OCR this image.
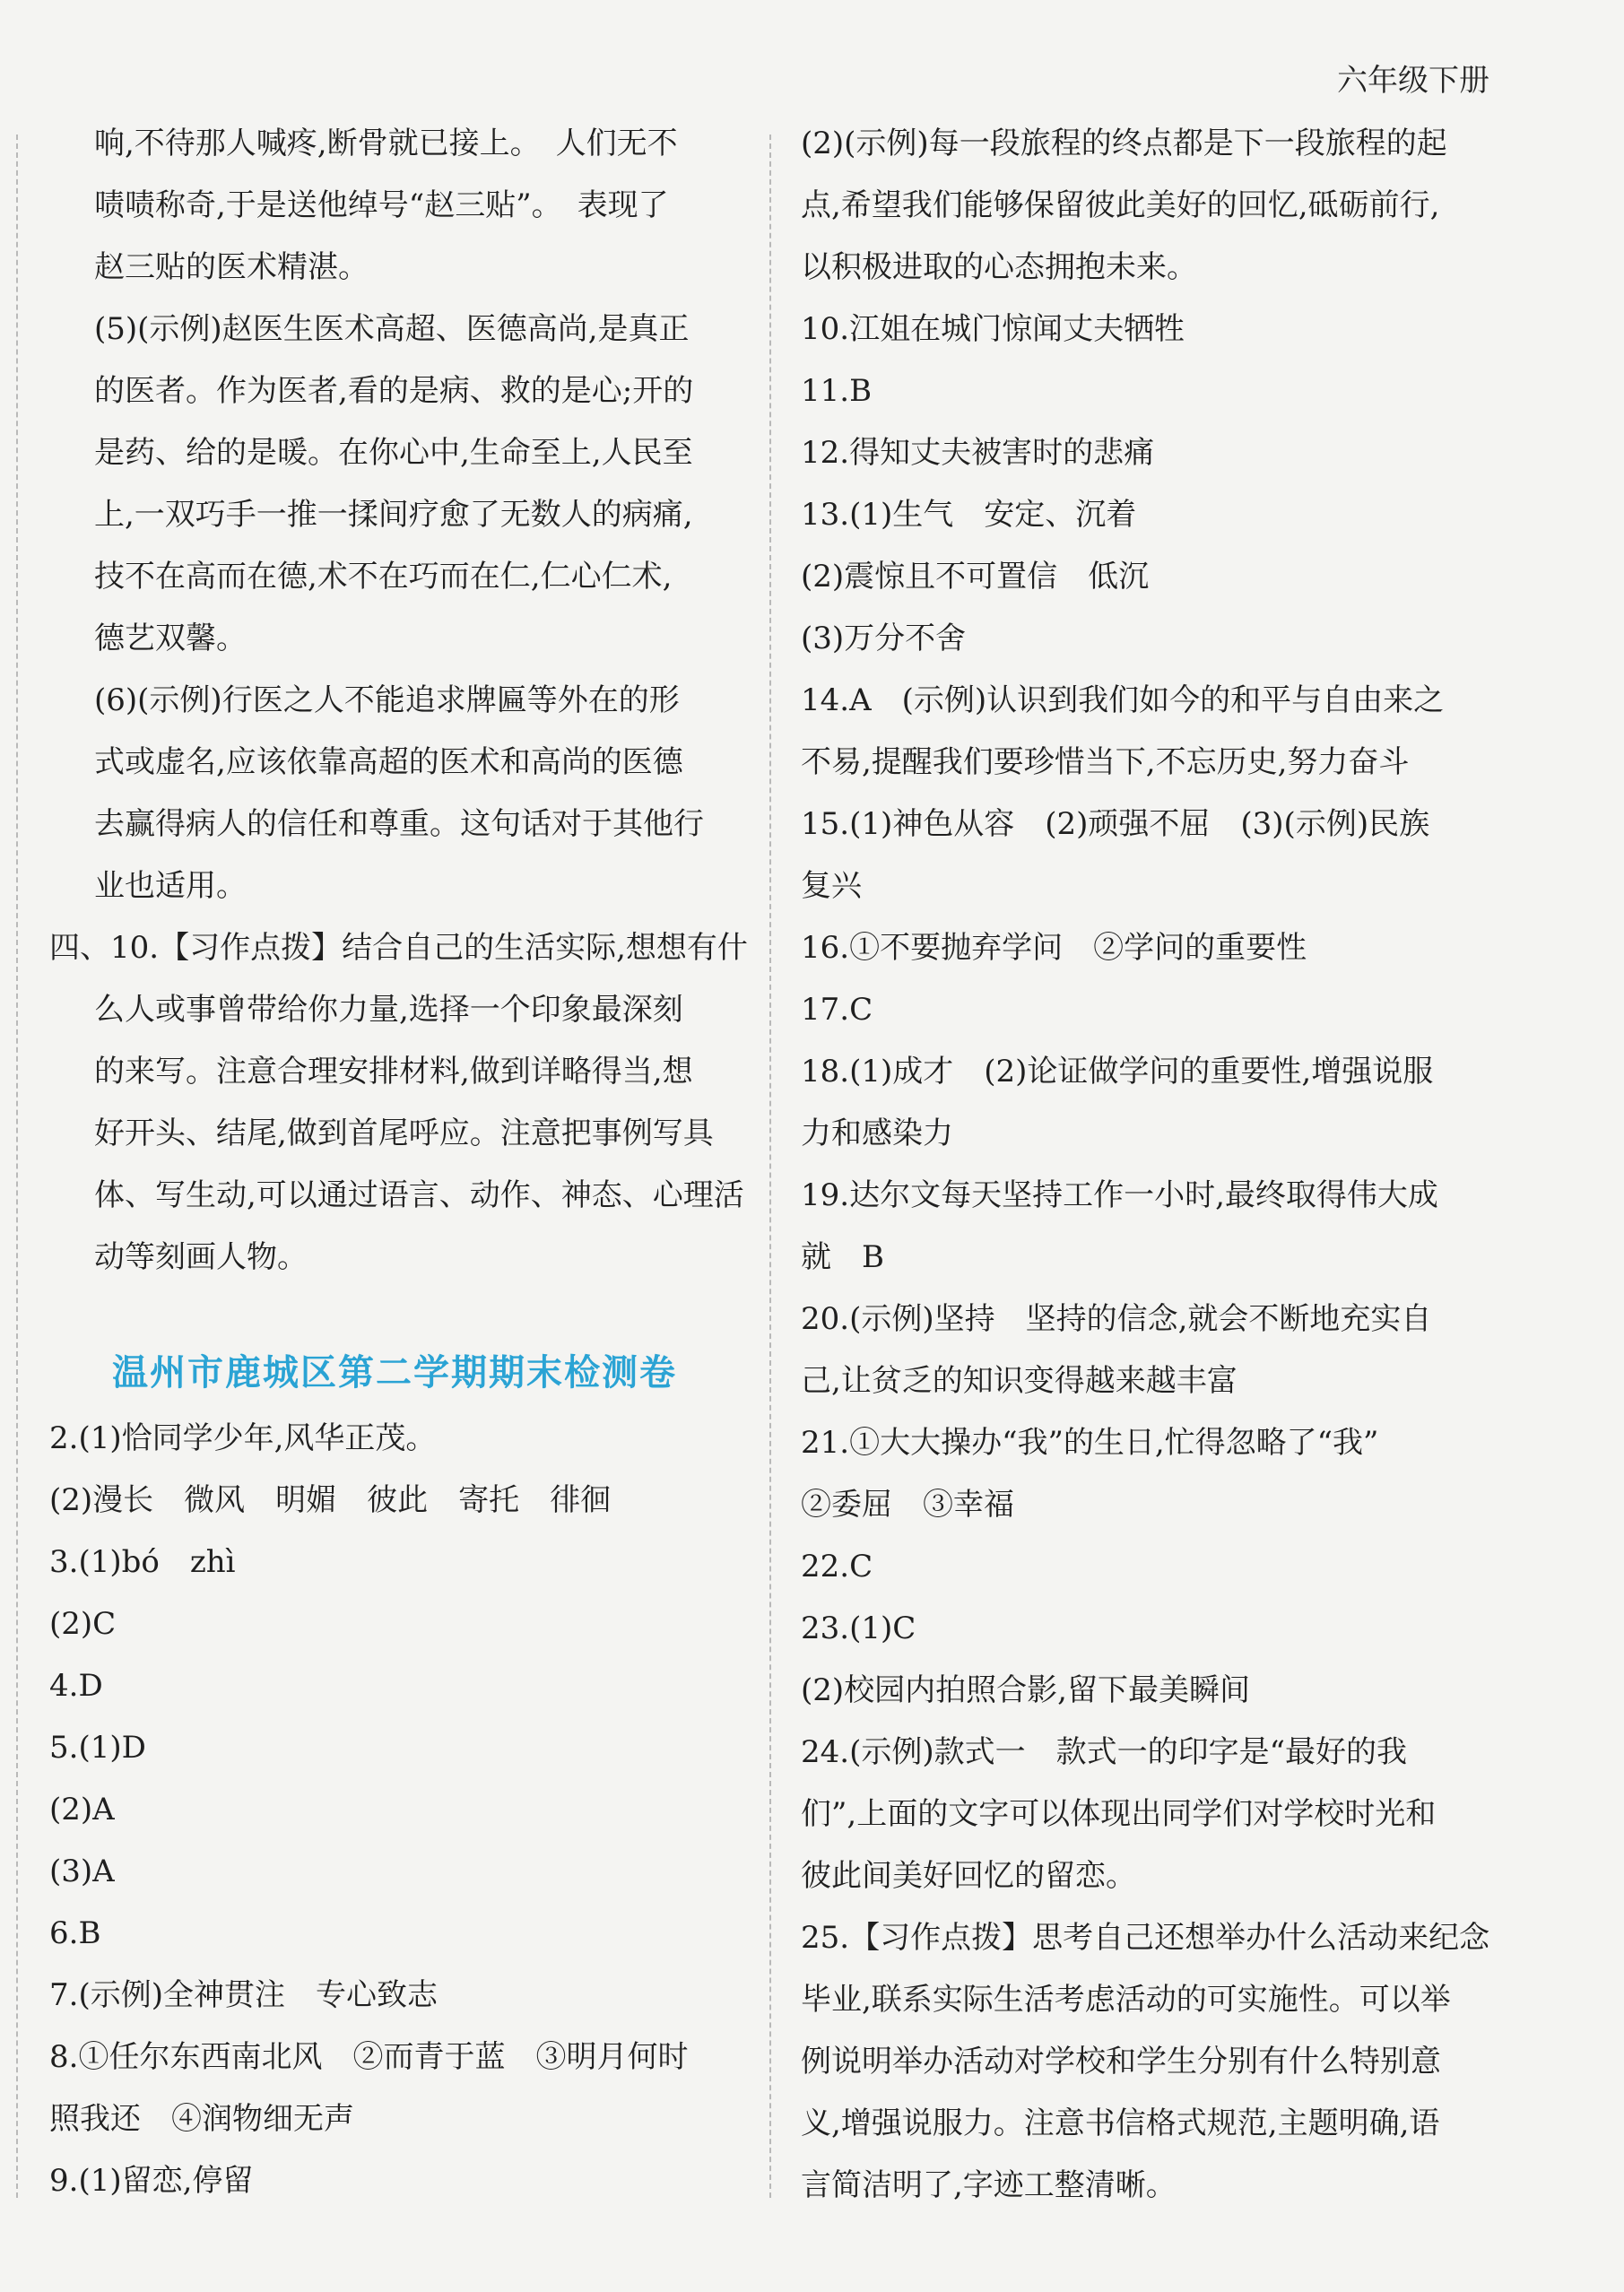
六年级下册

响,不待那人喊疼,断骨就已接上。　人们无不

啧啧称奇,于是送他绰号“赵三贴”。　表现了

赵三贴的医术精湛。

(5)(示例)赵医生医术高超、医德高尚,是真正

的医者。作为医者,看的是病、救的是心;开的

是药、给的是暖。在你心中,生命至上,人民至

上,一双巧手一推一揉间疗愈了无数人的病痛,

技不在高而在德,术不在巧而在仁,仁心仁术,

德艺双馨。

(6)(示例)行医之人不能追求牌匾等外在的形

式或虚名,应该依靠高超的医术和高尚的医德

去赢得病人的信任和尊重。这句话对于其他行

业也适用。

四、10.【习作点拨】结合自己的生活实际,想想有什

么人或事曾带给你力量,选择一个印象最深刻

的来写。注意合理安排材料,做到详略得当,想

好开头、结尾,做到首尾呼应。注意把事例写具

体、写生动,可以通过语言、动作、神态、心理活

动等刻画人物。

温州市鹿城区第二学期期末检测卷

2.(1)恰同学少年,风华正茂。

(2)漫长　微风　明媚　彼此　寄托　徘徊

3.(1)bó　zhì

(2)C

4.D

5.(1)D

(2)A

(3)A

6.B

7.(示例)全神贯注　专心致志

8.①任尔东西南北风　②而青于蓝　③明月何时

照我还　④润物细无声

9.(1)留恋,停留

(2)(示例)每一段旅程的终点都是下一段旅程的起

点,希望我们能够保留彼此美好的回忆,砥砺前行,

以积极进取的心态拥抱未来。

10.江姐在城门惊闻丈夫牺牲

11.B

12.得知丈夫被害时的悲痛

13.(1)生气　安定、沉着

(2)震惊且不可置信　低沉

(3)万分不舍

14.A　(示例)认识到我们如今的和平与自由来之

不易,提醒我们要珍惜当下,不忘历史,努力奋斗

15.(1)神色从容　(2)顽强不屈　(3)(示例)民族

复兴

16.①不要抛弃学问　②学问的重要性

17.C

18.(1)成才　(2)论证做学问的重要性,增强说服

力和感染力

19.达尔文每天坚持工作一小时,最终取得伟大成

就　B

20.(示例)坚持　坚持的信念,就会不断地充实自

己,让贫乏的知识变得越来越丰富

21.①大大操办“我”的生日,忙得忽略了“我”

②委屈　③幸福

22.C

23.(1)C

(2)校园内拍照合影,留下最美瞬间

24.(示例)款式一　款式一的印字是“最好的我

们”,上面的文字可以体现出同学们对学校时光和

彼此间美好回忆的留恋。

25.【习作点拨】思考自己还想举办什么活动来纪念

毕业,联系实际生活考虑活动的可实施性。可以举

例说明举办活动对学校和学生分别有什么特别意

义,增强说服力。注意书信格式规范,主题明确,语

言简洁明了,字迹工整清晰。
